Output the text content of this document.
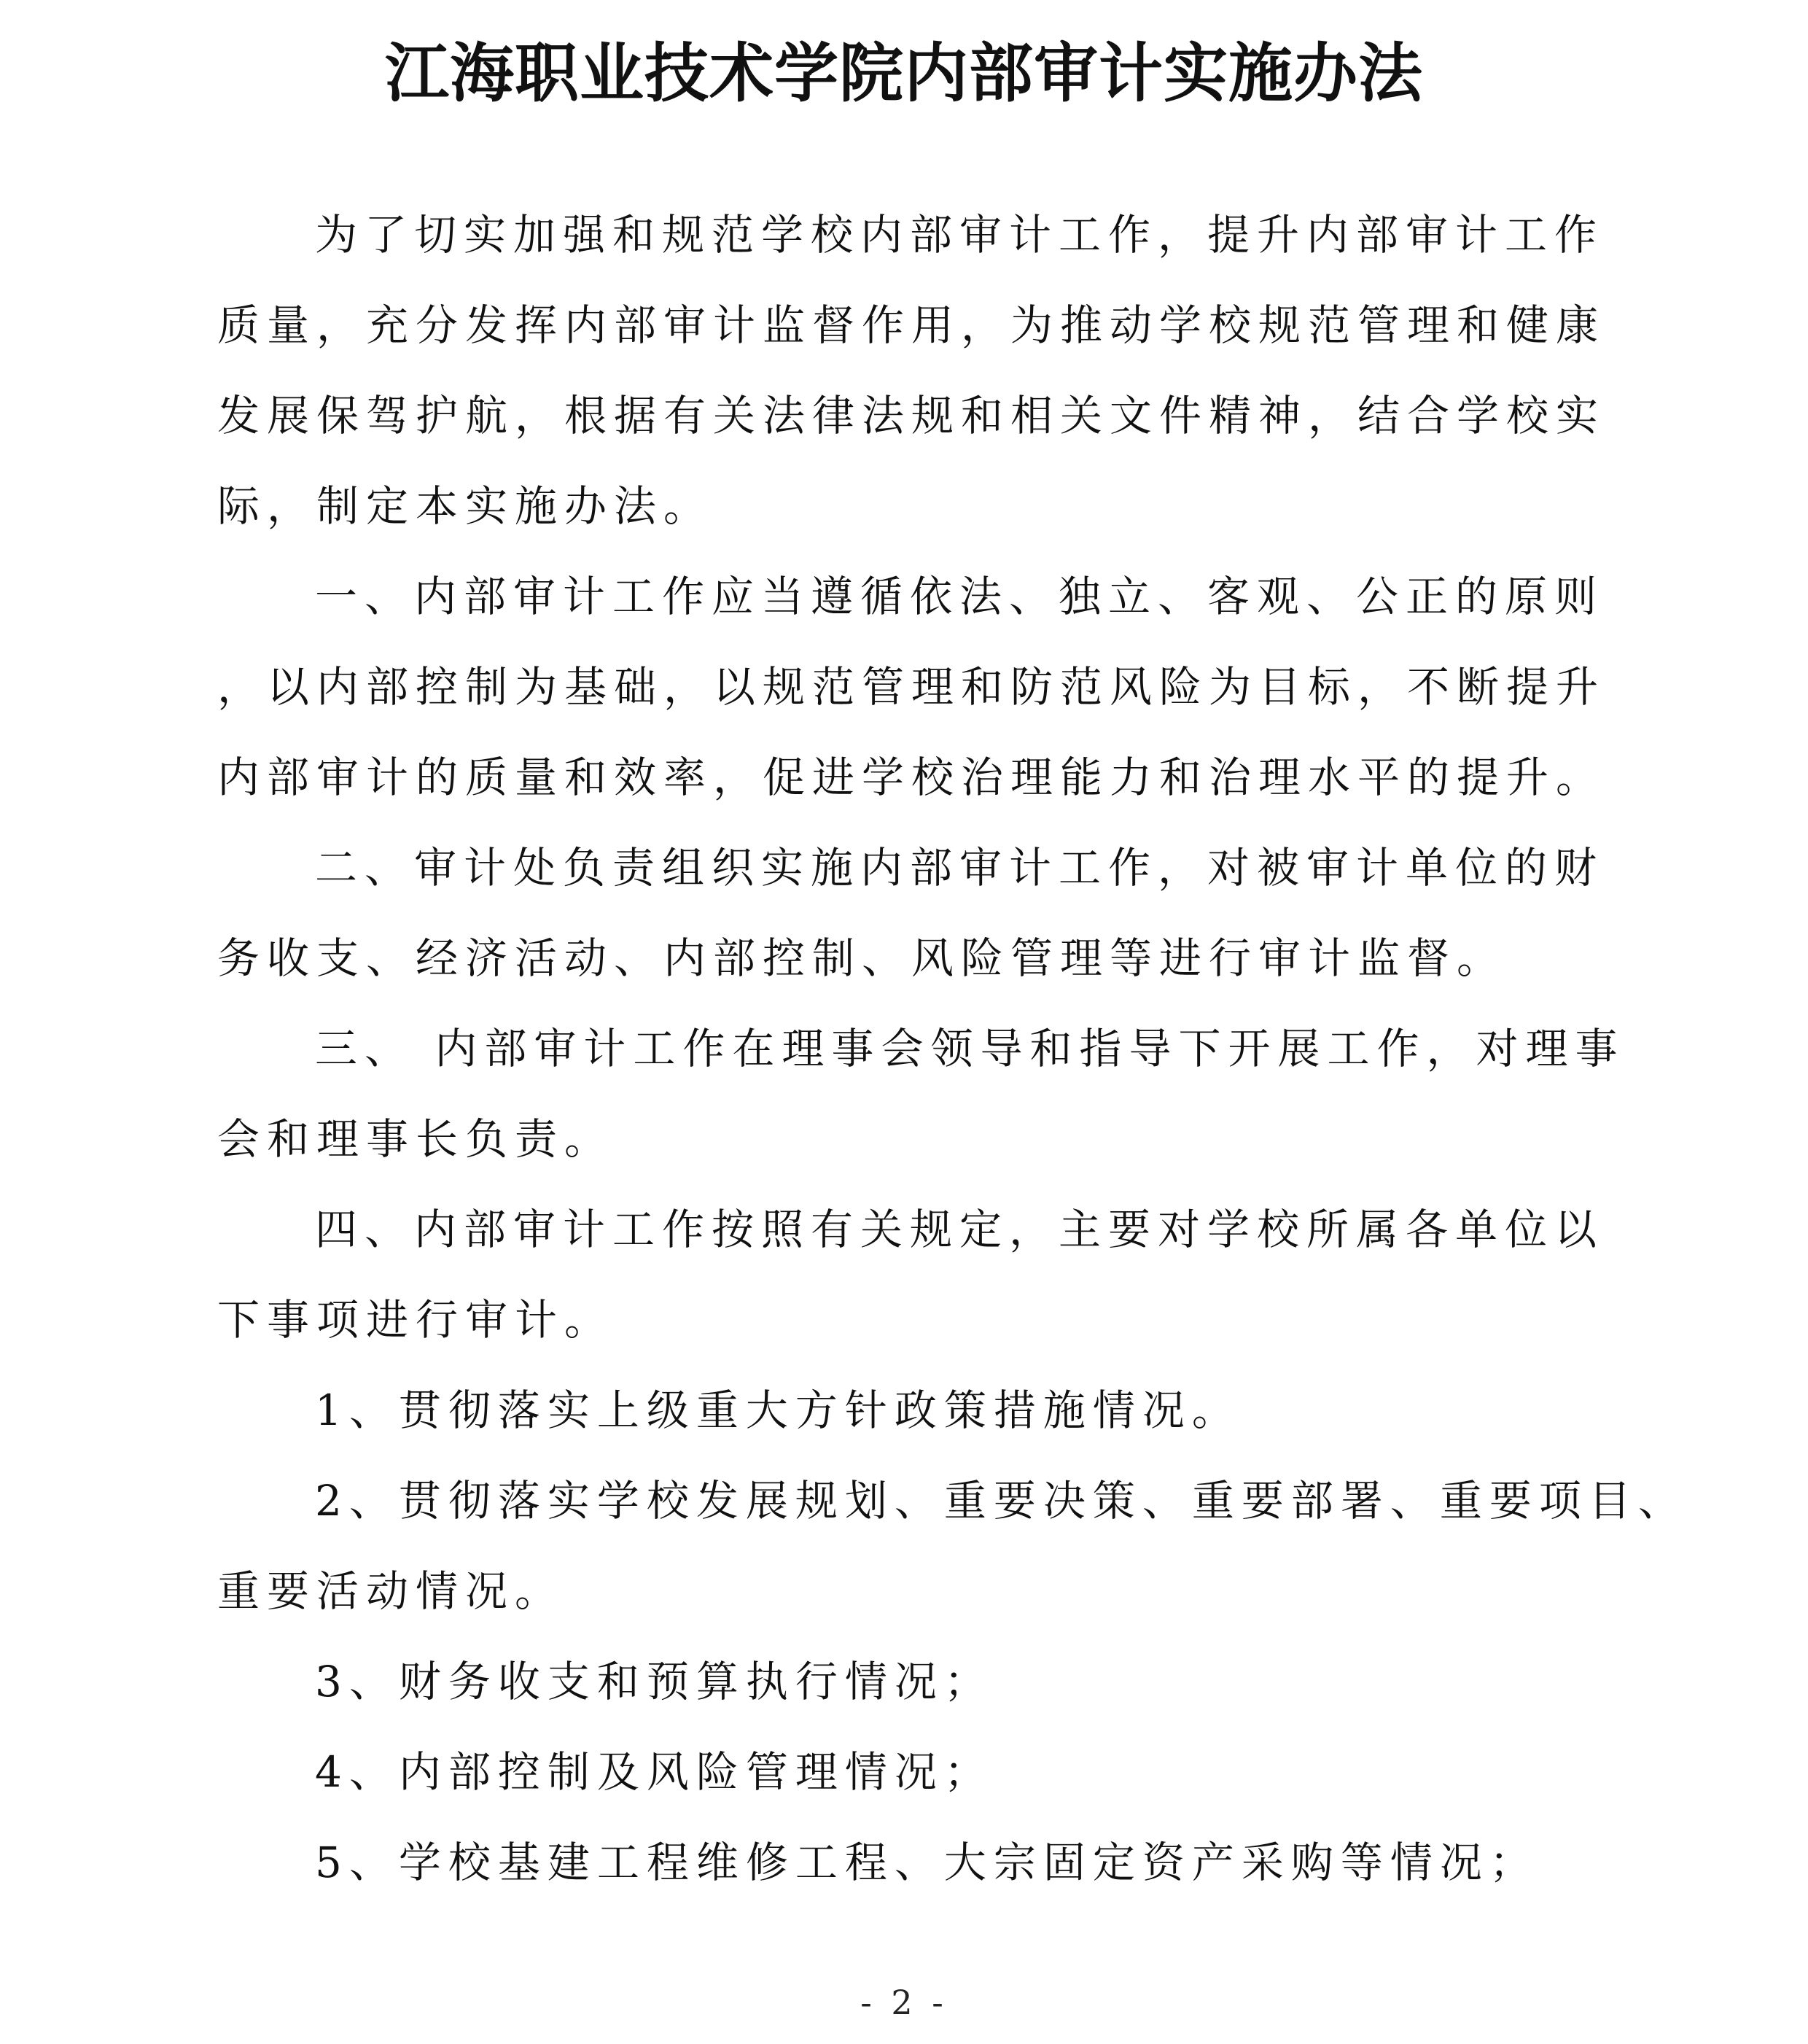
江海职业技术学院内部审计实施办法
为了切实加强和规范学校内部审计工作，提升内部审计工作
质量，充分发挥内部审计监督作用，为推动学校规范管理和健康
发展保驾护航，根据有关法律法规和相关文件精神，结合学校实
际，制定本实施办法。
一、内部审计工作应当遵循依法、独立、客观、公正的原则
，以内部控制为基础，以规范管理和防范风险为目标，不断提升
内部审计的质量和效率，促进学校治理能力和治理水平的提升。
二、审计处负责组织实施内部审计工作，对被审计单位的财
务收支、经济活动、内部控制、风险管理等进行审计监督。
三、 内部审计工作在理事会领导和指导下开展工作，对理事
会和理事长负责。
四、内部审计工作按照有关规定，主要对学校所属各单位以
下事项进行审计。
1、贯彻落实上级重大方针政策措施情况。
2、贯彻落实学校发展规划、重要决策、重要部署、重要项目、
重要活动情况。
3、财务收支和预算执行情况；
4、内部控制及风险管理情况；
5、学校基建工程维修工程、大宗固定资产采购等情况；
- 2 -
